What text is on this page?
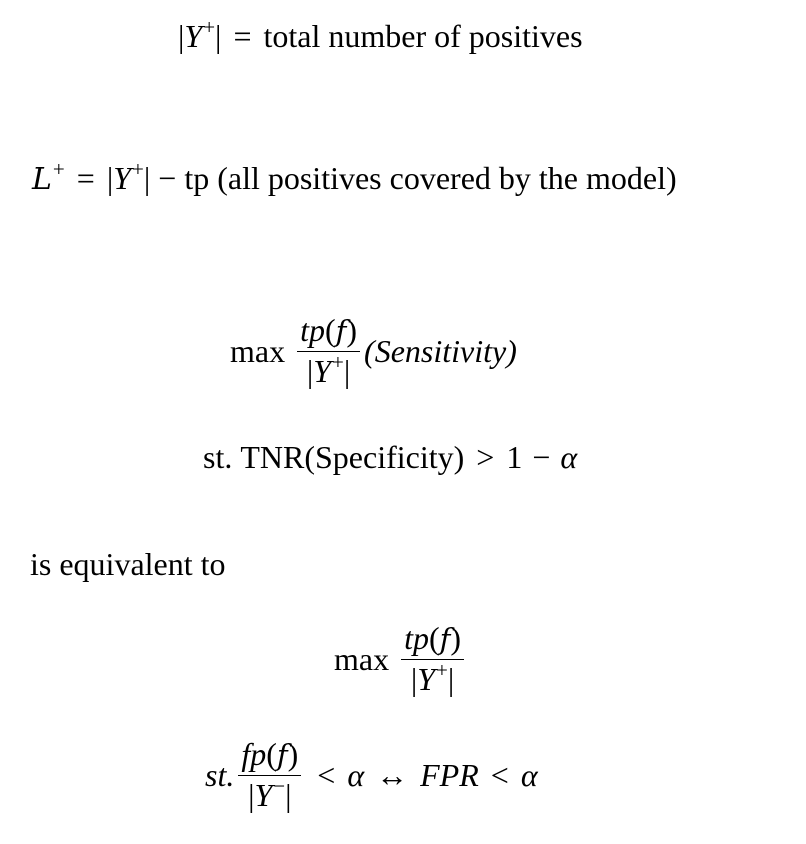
|Y+| = total number of positives
L+ = |Y+| − tp (all positives covered by the model)
$\max \frac{tp(f)}{|Y^+|}$ (Sensitivity)
st. TNR(Specificity) > 1 − α
is equivalent to
$\max \frac{tp(f)}{|Y^+|}$
st. $\frac{fp(f)}{|Y^-|} < \alpha$ ↔ FPR < α
